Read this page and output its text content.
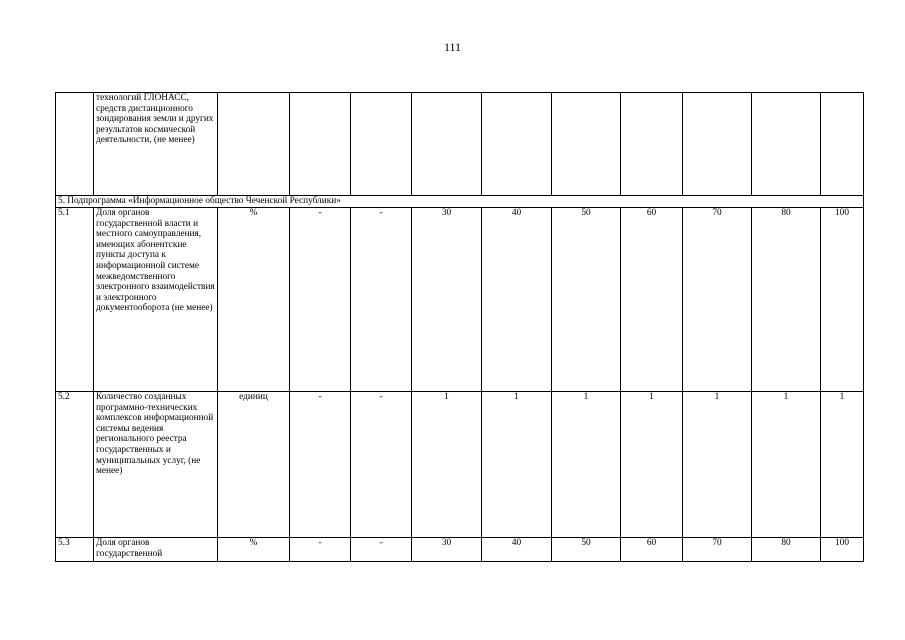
111
	технологий ГЛОНАСС, средств дистанционного зондирования земли и других результатов космической деятельности, (не менее)										
5. Подпрограмма «Информационное общество Чеченской Республики»											
5.1	Доля органов государственной власти и местного самоуправления, имеющих абонентские пункты доступа к информационной системе межведомственного электронного взаимодействия и электронного документооборота (не менее)	%	-	-	30	40	50	60	70	80	100
5.2	Количество созданных программно-технических комплексов информационной системы ведения регионального реестра государственных и муниципальных услуг, (не менее)	единиц	-	-	1	1	1	1	1	1	1
5.3	Доля органов государственной	%	-	-	30	40	50	60	70	80	100
